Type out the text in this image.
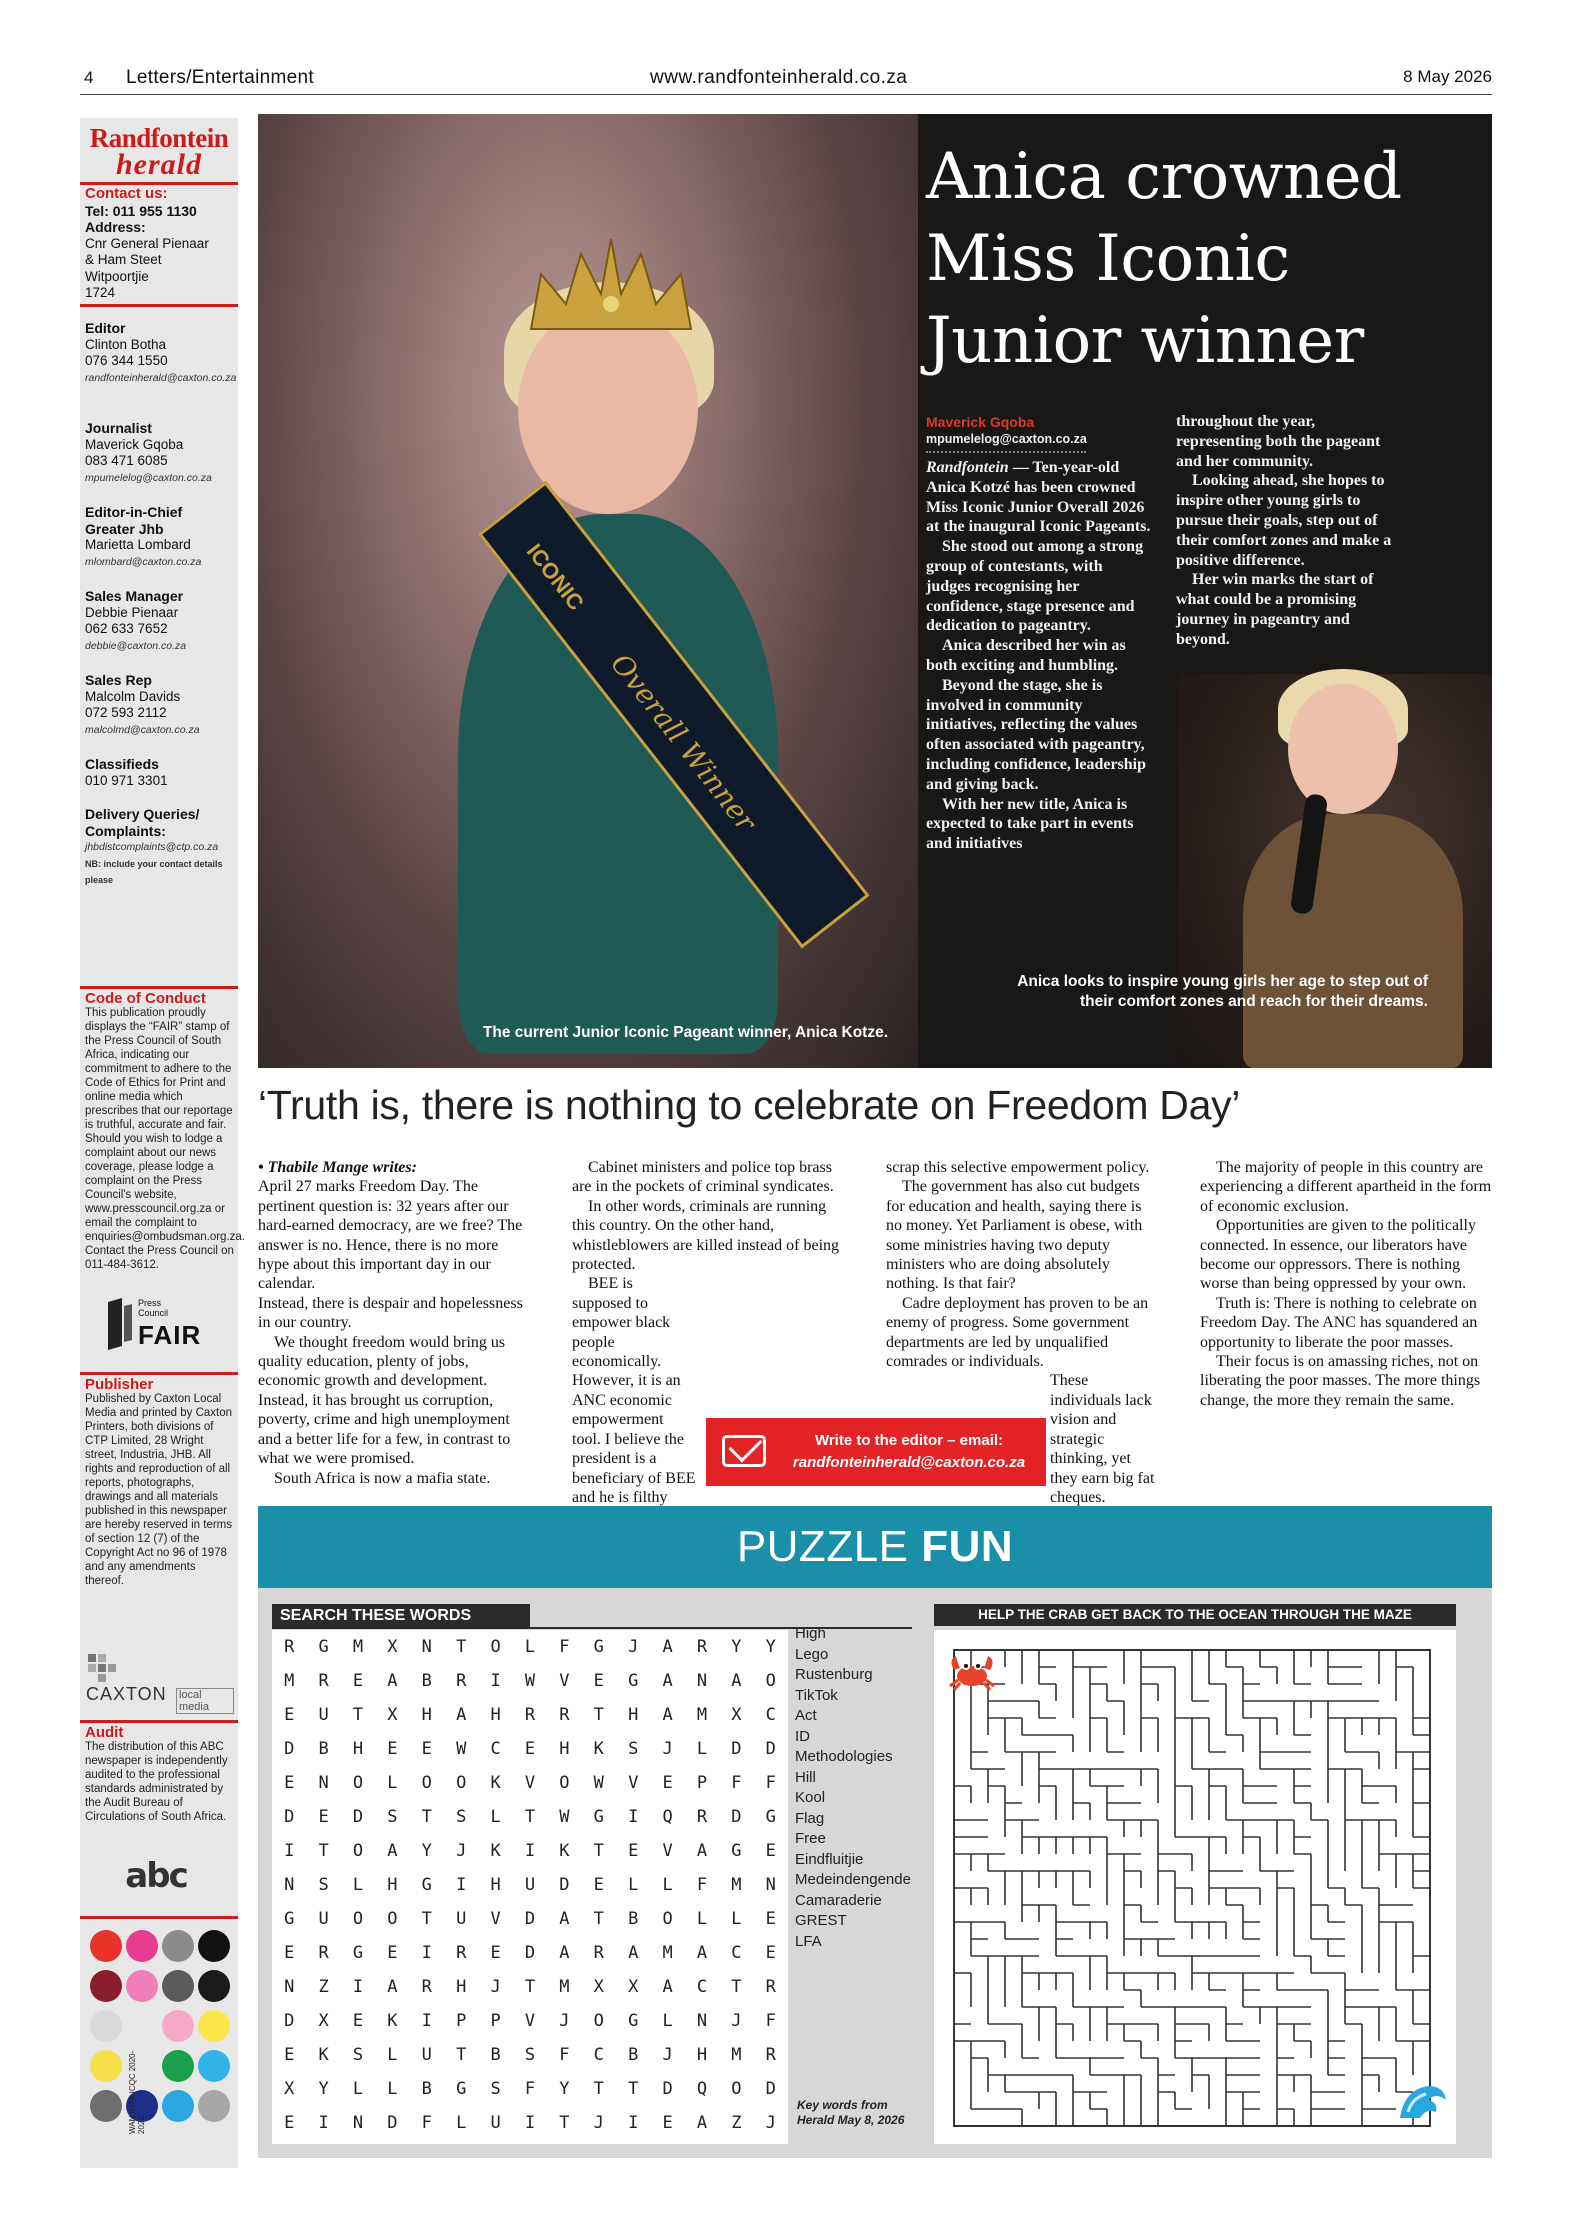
4 Letters/Entertainment	www.randfonteinherald.co.za	8 May 2026
Randfontein
herald
Contact us:
Tel: 011 955 1130
Address:
Cnr General Pienaar
& Ham Steet
Witpoortjie
1724
Editor
Clinton Botha
076 344 1550
randfonteinherald@caxton.co.za
Journalist
Maverick Gqoba
083 471 6085
mpumelelog@caxton.co.za
Editor-in-Chief Greater Jhb
Marietta Lombard
mlombard@caxton.co.za
Sales Manager
Debbie Pienaar
062 633 7652
debbie@caxton.co.za
Sales Rep
Malcolm Davids
072 593 2112
malcolmd@caxton.co.za
Classifieds
010 971 3301
Delivery Queries/ Complaints:
jhbdistcomplaints@ctp.co.za
NB: include your contact details please
Code of Conduct
This publication proudly displays the “FAIR” stamp of the Press Council of South Africa, indicating our commitment to adhere to the Code of Ethics for Print and online media which prescribes that our reportage is truthful, accurate and fair. Should you wish to lodge a complaint about our news coverage, please lodge a complaint on the Press Council's website, www.presscouncil.org.za or email the complaint to enquiries@ombudsman.org.za. Contact the Press Council on 011-484-3612.
Press Council
FAIR
Publisher
Published by Caxton Local Media and printed by Caxton Printers, both divisions of CTP Limited, 28 Wright street, Industria, JHB. All rights and reproduction of all reports, photographs, drawings and all materials published in this newspaper are hereby reserved in terms of section 12 (7) of the Copyright Act no 96 of 1978 and any amendments thereof.
CAXTON local media
Audit
The distribution of this ABC newspaper is independently audited to the professional standards administrated by the Audit Bureau of Circulations of South Africa.
abc
WAN IFRA ICQC 2020-2022
ICONIC
Overall Winner
Anica crowned Miss Iconic Junior winner
Maverick Gqoba
mpumelelog@caxton.co.za

Randfontein — Ten-year-old Anica Kotzé has been crowned Miss Iconic Junior Overall 2026 at the inaugural Iconic Pageants.

She stood out among a strong group of contestants, with judges recognising her confidence, stage presence and dedication to pageantry.

Anica described her win as both exciting and humbling.

Beyond the stage, she is involved in community initiatives, reflecting the values often associated with pageantry, including confidence, leadership and giving back.

With her new title, Anica is expected to take part in events and initiatives

throughout the year, representing both the pageant and her community.

Looking ahead, she hopes to inspire other young girls to pursue their goals, step out of their comfort zones and make a positive difference.

Her win marks the start of what could be a promising journey in pageantry and beyond.

The current Junior Iconic Pageant winner, Anica Kotze.
Anica looks to inspire young girls her age to step out of their comfort zones and reach for their dreams.
‘Truth is, there is nothing to celebrate on Freedom Day’

• Thabile Mange writes:

April 27 marks Freedom Day. The pertinent question is: 32 years after our hard-earned democracy, are we free? The answer is no. Hence, there is no more hype about this important day in our calendar.

Instead, there is despair and hopelessness in our country.

We thought freedom would bring us quality education, plenty of jobs, economic growth and development. Instead, it has brought us corruption, poverty, crime and high unemployment and a better life for a few, in contrast to what we were promised.

South Africa is now a mafia state.

Cabinet ministers and police top brass are in the pockets of criminal syndicates.

In other words, criminals are running this country. On the other hand, whistleblowers are killed instead of being protected.

BEE is supposed to empower black people economically. However, it is an ANC economic empowerment tool. I believe the president is a beneficiary of BEE and he is filthy

scrap this selective empowerment policy.

The government has also cut budgets for education and health, saying there is no money. Yet Parliament is obese, with some ministries having two deputy ministers who are doing absolutely nothing. Is that fair?

Cadre deployment has proven to be an enemy of progress. Some government departments are led by unqualified comrades or individuals.

These individuals lack vision and strategic thinking, yet they earn big fat cheques.

The majority of people in this country are experiencing a different apartheid in the form of economic exclusion.

Opportunities are given to the politically connected. In essence, our liberators have become our oppressors. There is nothing worse than being oppressed by your own.

Truth is: There is nothing to celebrate on Freedom Day. The ANC has squandered an opportunity to liberate the poor masses.

Their focus is on amassing riches, not on liberating the poor masses. The more things change, the more they remain the same.

Write to the editor – email:
randfonteinherald@caxton.co.za
PUZZLE FUN
SEARCH THESE WORDS
R	G	M	X	N	T	O	L	F	G	J	A	R	Y	Y
M	R	E	A	B	R	I	W	V	E	G	A	N	A	O
E	U	T	X	H	A	H	R	R	T	H	A	M	X	C
D	B	H	E	E	W	C	E	H	K	S	J	L	D	D
E	N	O	L	O	O	K	V	O	W	V	E	P	F	F
D	E	D	S	T	S	L	T	W	G	I	Q	R	D	G
I	T	O	A	Y	J	K	I	K	T	E	V	A	G	E
N	S	L	H	G	I	H	U	D	E	L	L	F	M	N
G	U	O	O	T	U	V	D	A	T	B	O	L	L	E
E	R	G	E	I	R	E	D	A	R	A	M	A	C	E
N	Z	I	A	R	H	J	T	M	X	X	A	C	T	R
D	X	E	K	I	P	P	V	J	O	G	L	N	J	F
E	K	S	L	U	T	B	S	F	C	B	J	H	M	R
X	Y	L	L	B	G	S	F	Y	T	T	D	Q	O	D
E	I	N	D	F	L	U	I	T	J	I	E	A	Z	J
High
Lego
Rustenburg
TikTok
Act
ID
Methodologies
Hill
Kool
Flag
Free
Eindfluitjie
Medeindengende
Camaraderie
GREST
LFA
Key words from Herald May 8, 2026
HELP THE CRAB GET BACK TO THE OCEAN THROUGH THE MAZE
